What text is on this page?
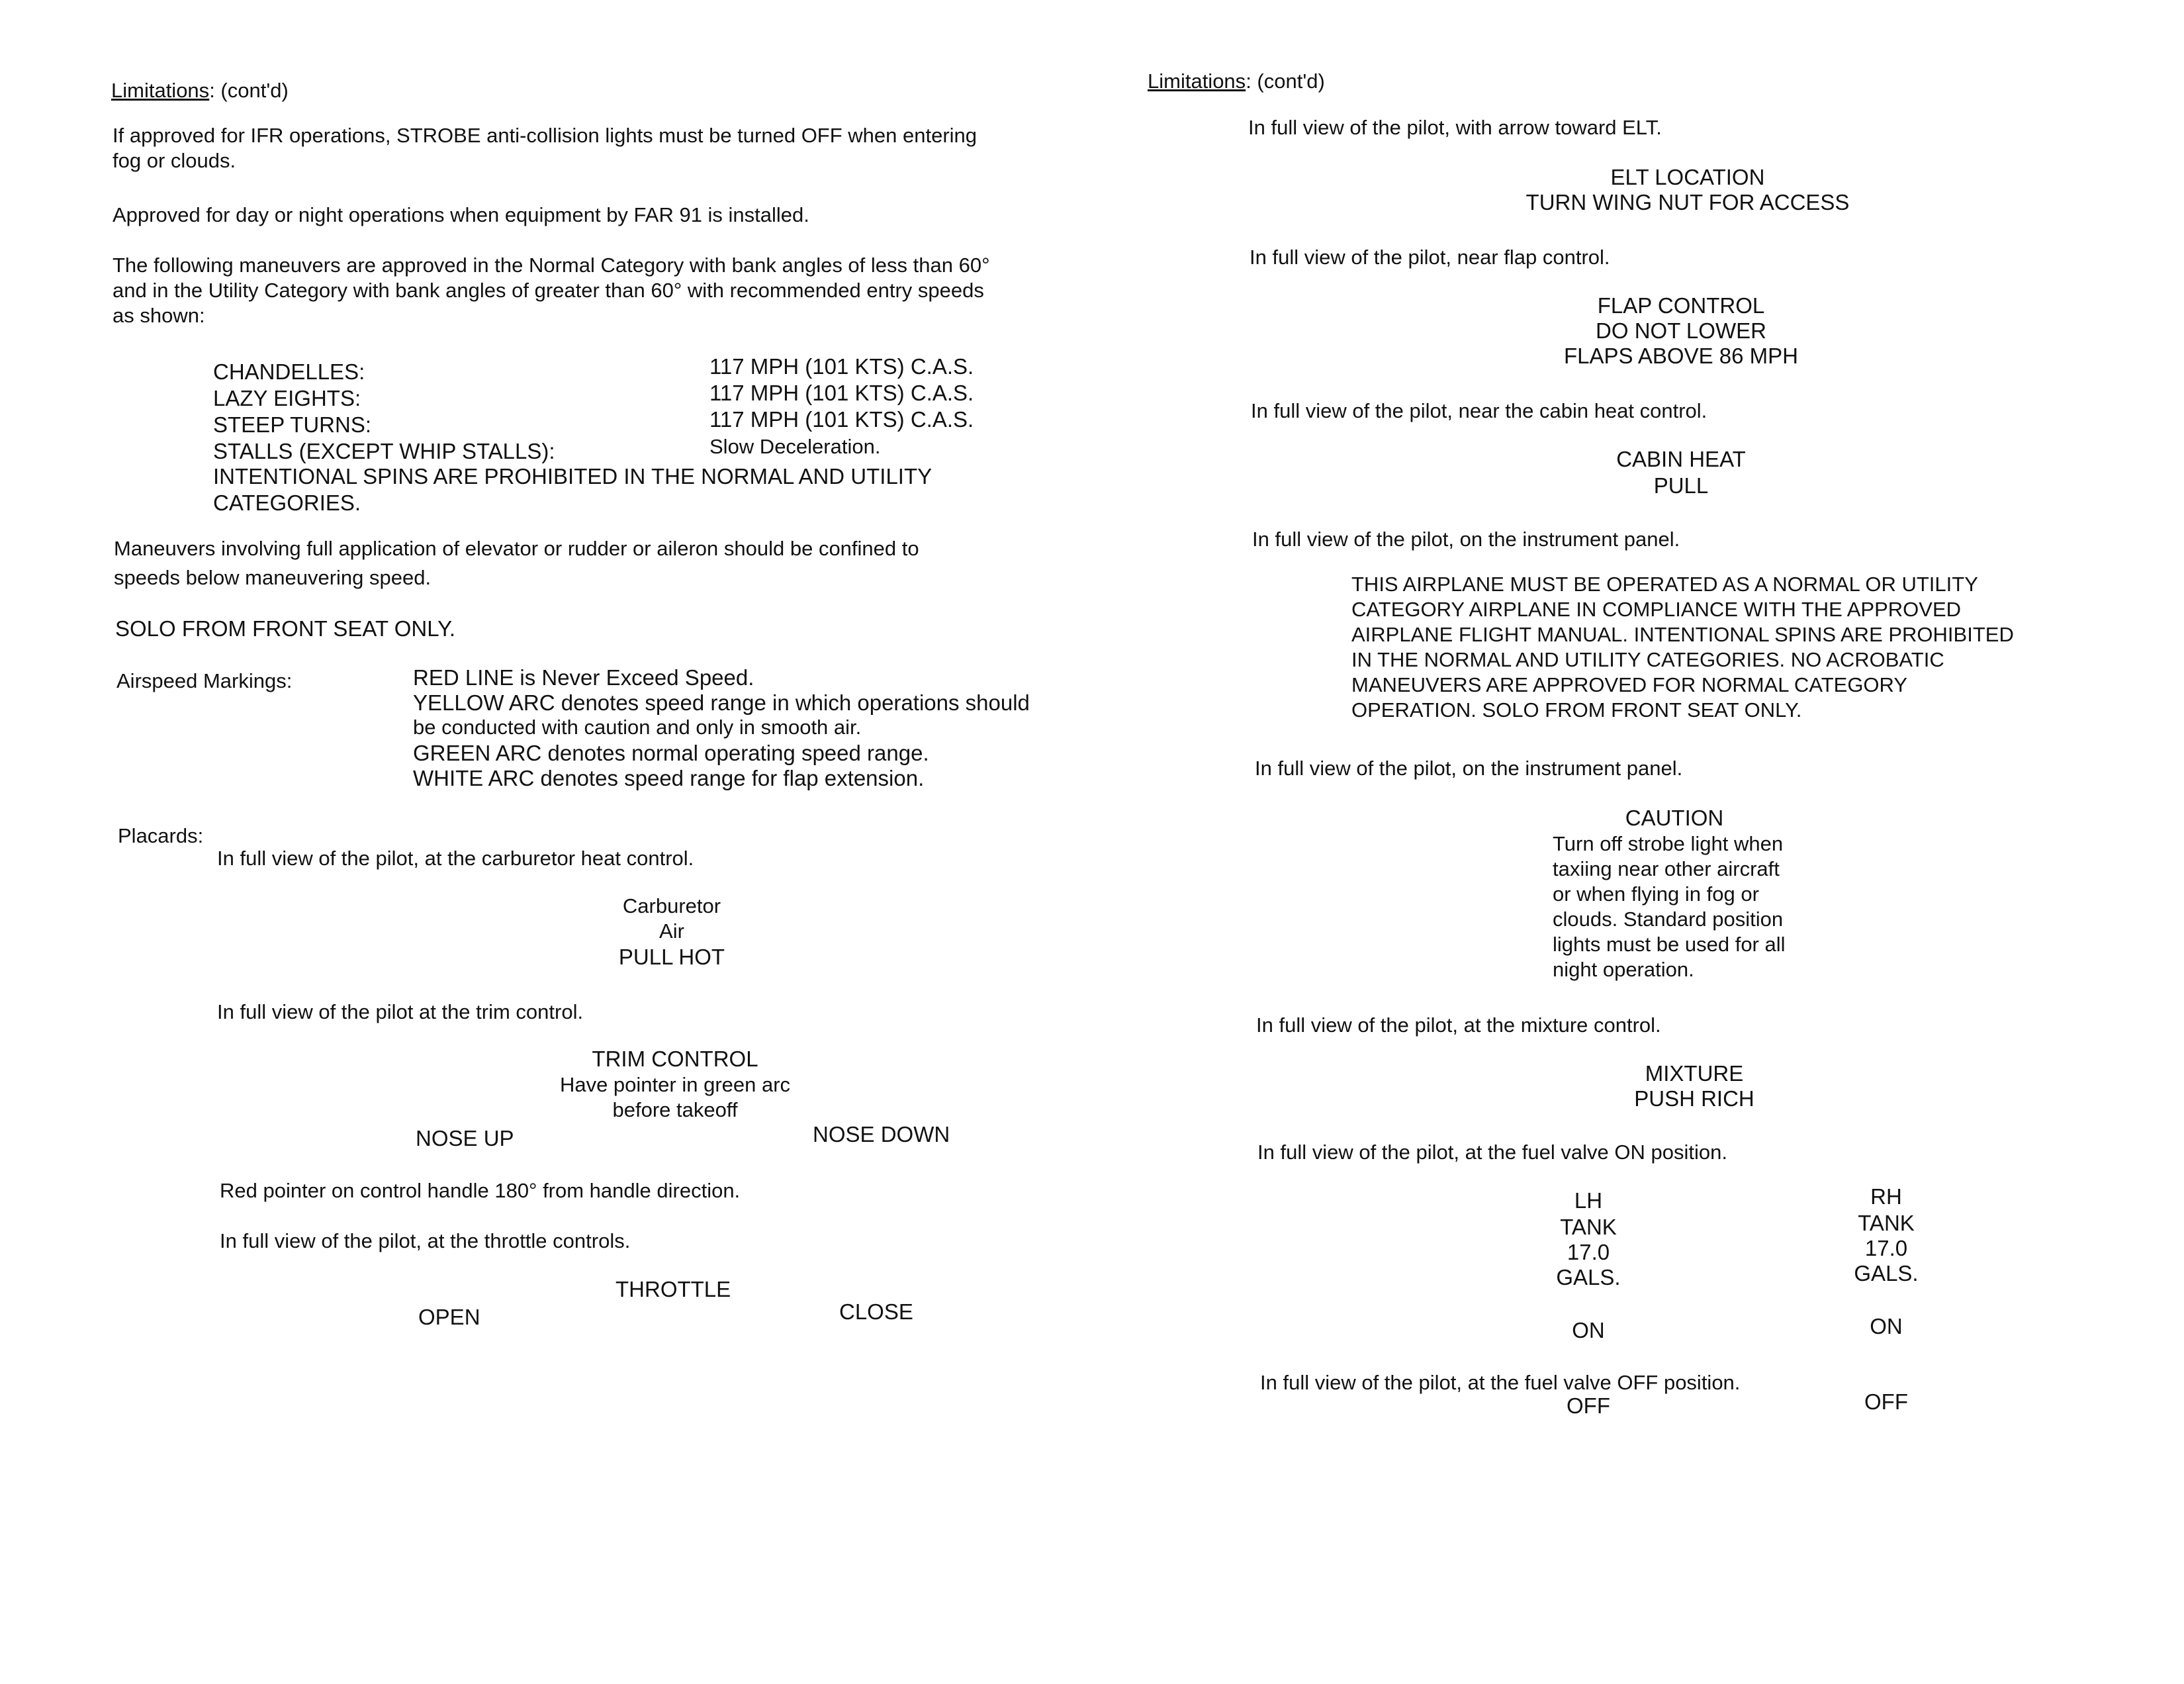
Limitations: (cont'd)
If approved for IFR operations, STROBE anti-collision lights must be turned OFF when entering
fog or clouds.
Approved for day or night operations when equipment by FAR 91 is installed.
The following maneuvers are approved in the Normal Category with bank angles of less than 60°
and in the Utility Category with bank angles of greater than 60° with recommended entry speeds
as shown:
CHANDELLES:	117 MPH (101 KTS) C.A.S.
LAZY EIGHTS:	117 MPH (101 KTS) C.A.S.
STEEP TURNS:	117 MPH (101 KTS) C.A.S.
STALLS (EXCEPT WHIP STALLS):	Slow Deceleration.
INTENTIONAL SPINS ARE PROHIBITED IN THE NORMAL AND UTILITY
CATEGORIES.
Maneuvers involving full application of elevator or rudder or aileron should be confined to
speeds below maneuvering speed.
SOLO FROM FRONT SEAT ONLY.
Airspeed Markings:	RED LINE is Never Exceed Speed.
YELLOW ARC denotes speed range in which operations should
be conducted with caution and only in smooth air.
GREEN ARC denotes normal operating speed range.
WHITE ARC denotes speed range for flap extension.
Placards:
In full view of the pilot, at the carburetor heat control.
Carburetor
Air
PULL HOT
In full view of the pilot at the trim control.
TRIM CONTROL
Have pointer in green arc
before takeoff
NOSE UP	NOSE DOWN
Red pointer on control handle 180° from handle direction.
In full view of the pilot, at the throttle controls.
THROTTLE
OPEN	CLOSE
Limitations: (cont'd)
In full view of the pilot, with arrow toward ELT.
ELT LOCATION
TURN WING NUT FOR ACCESS
In full view of the pilot, near flap control.
FLAP CONTROL
DO NOT LOWER
FLAPS ABOVE 86 MPH
In full view of the pilot, near the cabin heat control.
CABIN HEAT
PULL
In full view of the pilot, on the instrument panel.
THIS AIRPLANE MUST BE OPERATED AS A NORMAL OR UTILITY
CATEGORY AIRPLANE IN COMPLIANCE WITH THE APPROVED
AIRPLANE FLIGHT MANUAL. INTENTIONAL SPINS ARE PROHIBITED
IN THE NORMAL AND UTILITY CATEGORIES. NO ACROBATIC
MANEUVERS ARE APPROVED FOR NORMAL CATEGORY
OPERATION. SOLO FROM FRONT SEAT ONLY.
In full view of the pilot, on the instrument panel.
CAUTION
Turn off strobe light when
taxiing near other aircraft
or when flying in fog or
clouds. Standard position
lights must be used for all
night operation.
In full view of the pilot, at the mixture control.
MIXTURE
PUSH RICH
In full view of the pilot, at the fuel valve ON position.
LH
TANK
17.0
GALS.
RH
TANK
17.0
GALS.
ON	ON
In full view of the pilot, at the fuel valve OFF position.
OFF	OFF
